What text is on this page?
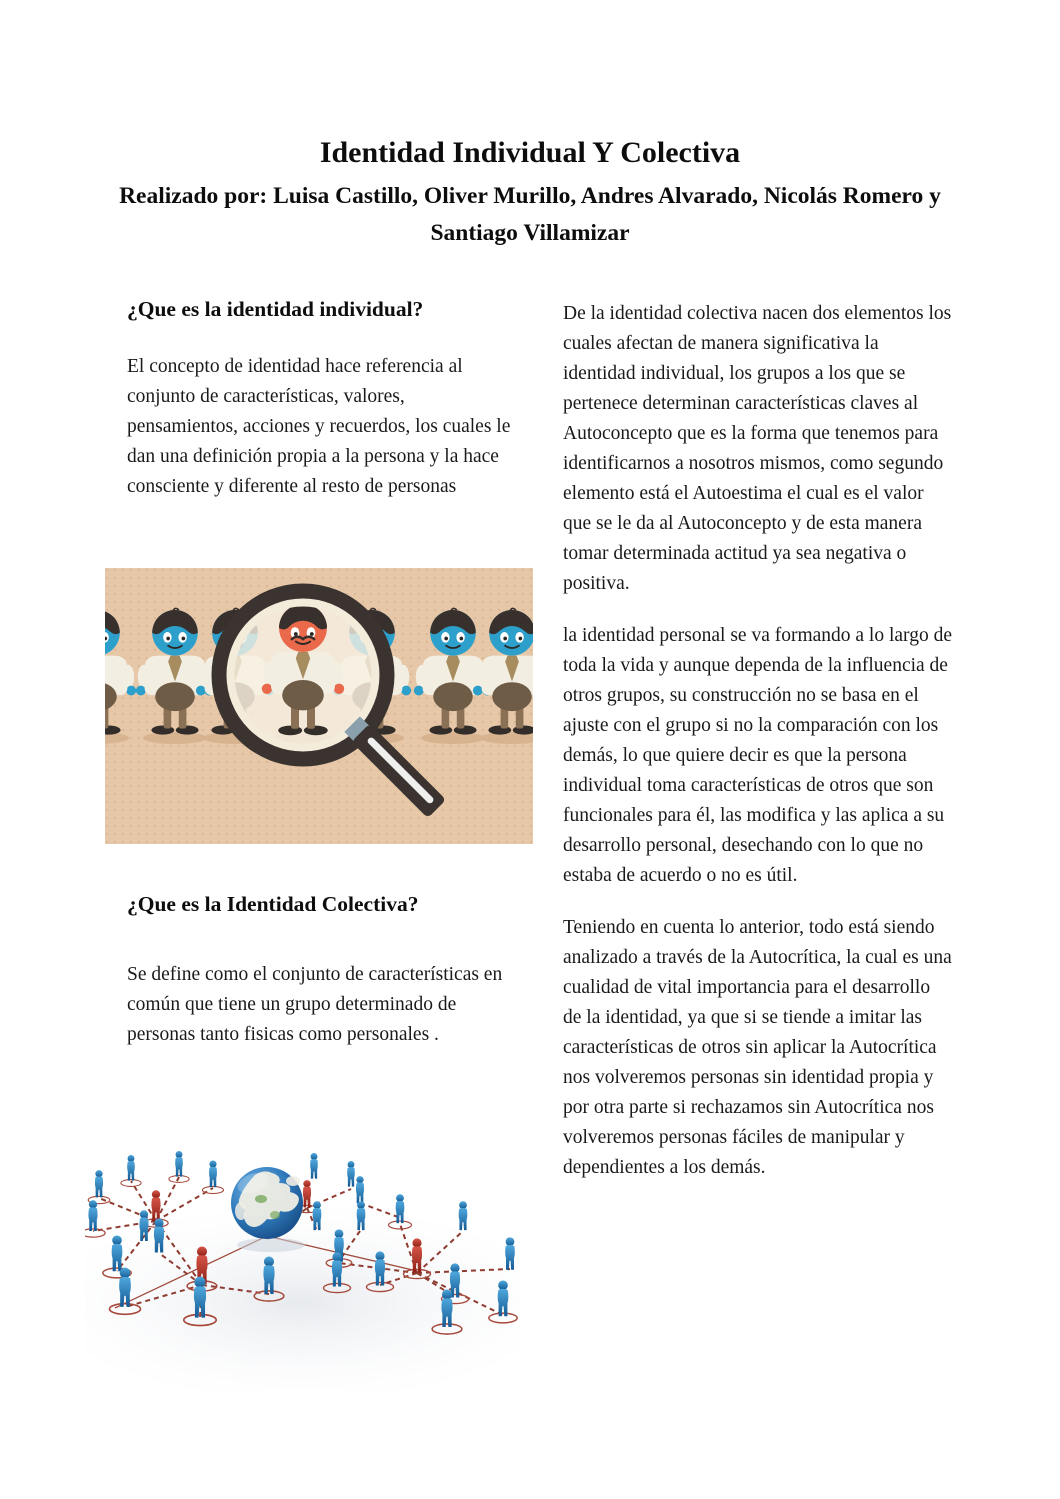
Identidad Individual Y Colectiva
Realizado por: Luisa Castillo, Oliver Murillo, Andres Alvarado, Nicolás Romero y Santiago Villamizar
¿Que es la identidad individual?
El concepto de identidad hace referencia al conjunto de características, valores, pensamientos, acciones y recuerdos, los cuales le dan una definición propia a la persona y la hace consciente y diferente al resto de personas
¿Que es la Identidad Colectiva?
Se define como el conjunto de características en común que tiene un grupo determinado de personas tanto fisicas como personales .

De la identidad colectiva nacen dos elementos los cuales afectan de manera significativa la identidad individual, los grupos a los que se pertenece determinan características claves al Autoconcepto que es la forma que tenemos para identificarnos a nosotros mismos, como segundo elemento está el Autoestima el cual es el valor que se le da al Autoconcepto y de esta manera tomar determinada actitud ya sea negativa o positiva.

la identidad personal se va formando a lo largo de toda la vida y aunque dependa de la influencia de otros grupos, su construcción no se basa en el ajuste con el grupo si no la comparación con los demás, lo que quiere decir es que la persona individual toma características de otros que son funcionales para él, las modifica y las aplica a su desarrollo personal, desechando con lo que no estaba de acuerdo o no es útil.

Teniendo en cuenta lo anterior, todo está siendo analizado a través de la Autocrítica, la cual es una cualidad de vital importancia para el desarrollo de la identidad, ya que si se tiende a imitar las características de otros sin aplicar la Autocrítica nos volveremos personas sin identidad propia y por otra parte si rechazamos sin Autocrítica nos volveremos personas fáciles de manipular y dependientes a los demás.
